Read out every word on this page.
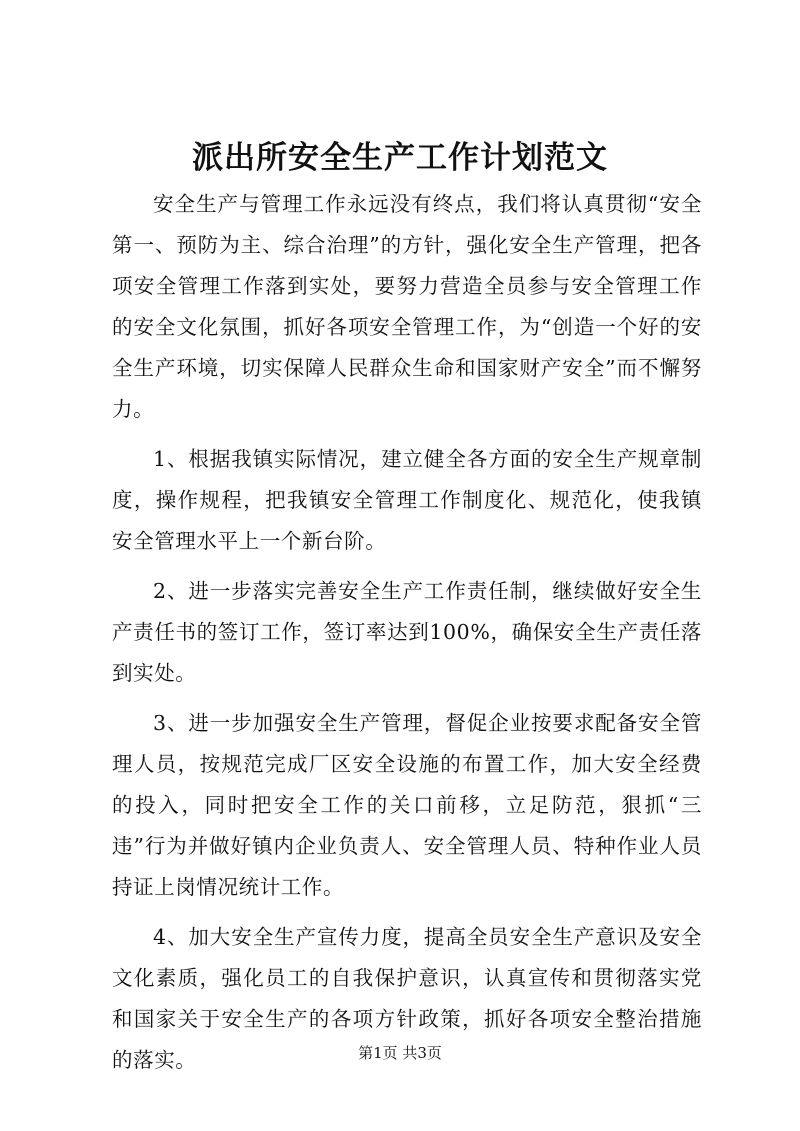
派出所安全生产工作计划范文

安全生产与管理工作永远没有终点，我们将认真贯彻“安全第一、预防为主、综合治理”的方针，强化安全生产管理，把各项安全管理工作落到实处，要努力营造全员参与安全管理工作的安全文化氛围，抓好各项安全管理工作，为“创造一个好的安全生产环境，切实保障人民群众生命和国家财产安全”而不懈努力。

1、根据我镇实际情况，建立健全各方面的安全生产规章制度，操作规程，把我镇安全管理工作制度化、规范化，使我镇安全管理水平上一个新台阶。

2、进一步落实完善安全生产工作责任制，继续做好安全生产责任书的签订工作，签订率达到100%，确保安全生产责任落到实处。

3、进一步加强安全生产管理，督促企业按要求配备安全管理人员，按规范完成厂区安全设施的布置工作，加大安全经费的投入，同时把安全工作的关口前移，立足防范，狠抓“三违”行为并做好镇内企业负责人、安全管理人员、特种作业人员持证上岗情况统计工作。

4、加大安全生产宣传力度，提高全员安全生产意识及安全文化素质，强化员工的自我保护意识，认真宣传和贯彻落实党和国家关于安全生产的各项方针政策，抓好各项安全整治措施的落实。	第1页 共3页
